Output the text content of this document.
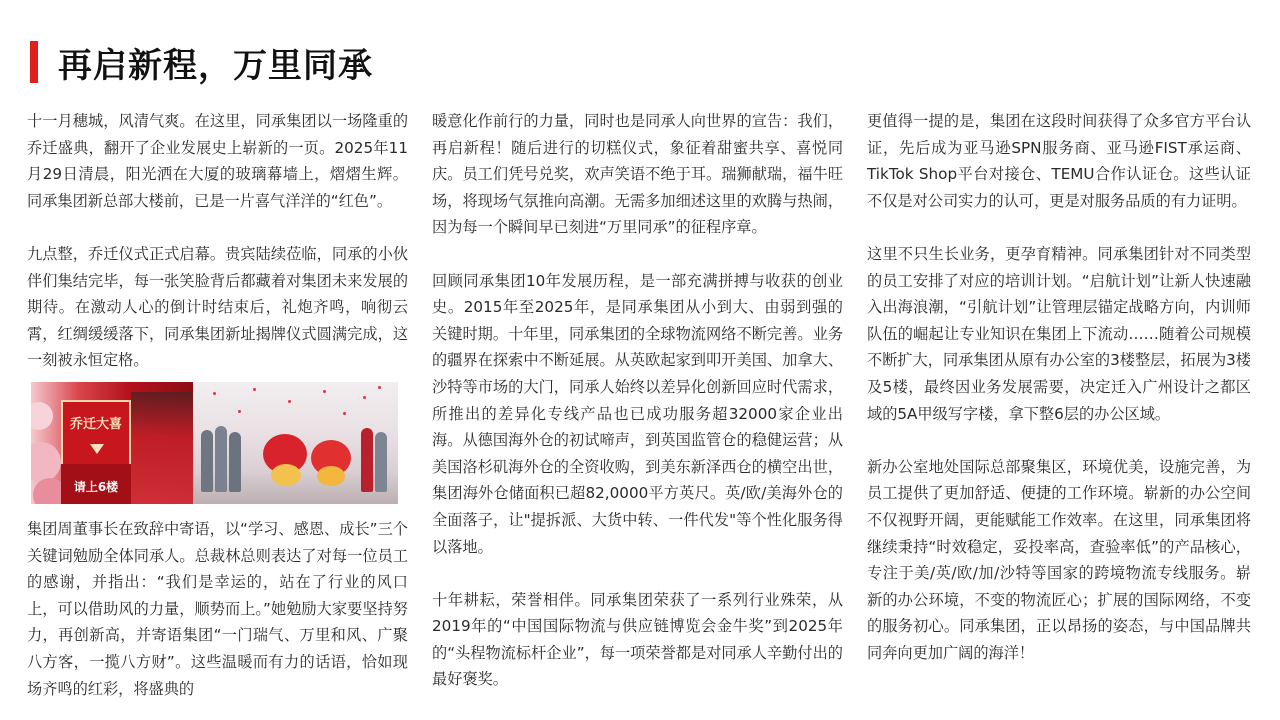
再启新程，万里同承

十一月穗城，风清气爽。在这里，同承集团以一场隆重的乔迁盛典，翻开了企业发展史上崭新的一页。2025年11月29日清晨，阳光洒在大厦的玻璃幕墙上，熠熠生辉。同承集团新总部大楼前，已是一片喜气洋洋的“红色”。

九点整，乔迁仪式正式启幕。贵宾陆续莅临，同承的小伙伴们集结完毕，每一张笑脸背后都藏着对集团未来发展的期待。在激动人心的倒计时结束后，礼炮齐鸣，响彻云霄，红绸缓缓落下，同承集团新址揭牌仪式圆满完成，这一刻被永恒定格。

乔迁大喜
请上6楼

集团周董事长在致辞中寄语，以“学习、感恩、成长”三个关键词勉励全体同承人。总裁林总则表达了对每一位员工的感谢，并指出：“我们是幸运的，站在了行业的风口上，可以借助风的力量，顺势而上。”她勉励大家要坚持努力，再创新高，并寄语集团“一门瑞气、万里和风、广聚八方客，一揽八方财”。这些温暖而有力的话语，恰如现场齐鸣的红彩，将盛典的

暖意化作前行的力量，同时也是同承人向世界的宣告：我们，再启新程！随后进行的切糕仪式，象征着甜蜜共享、喜悦同庆。员工们凭号兑奖，欢声笑语不绝于耳。瑞狮献瑞，福牛旺场，将现场气氛推向高潮。无需多加细述这里的欢腾与热闹，因为每一个瞬间早已刻进“万里同承”的征程序章。

回顾同承集团10年发展历程，是一部充满拼搏与收获的创业史。2015年至2025年，是同承集团从小到大、由弱到强的关键时期。十年里，同承集团的全球物流网络不断完善。业务的疆界在探索中不断延展。从英欧起家到叩开美国、加拿大、沙特等市场的大门，同承人始终以差异化创新回应时代需求，所推出的差异化专线产品也已成功服务超32000家企业出海。从德国海外仓的初试啼声，到英国监管仓的稳健运营；从美国洛杉矶海外仓的全资收购，到美东新泽西仓的横空出世，集团海外仓储面积已超82,0000平方英尺。英/欧/美海外仓的全面落子，让"提拆派、大货中转、一件代发"等个性化服务得以落地。

十年耕耘，荣誉相伴。同承集团荣获了一系列行业殊荣，从2019年的“中国国际物流与供应链博览会金牛奖”到2025年的“头程物流标杆企业”，每一项荣誉都是对同承人辛勤付出的最好褒奖。

更值得一提的是，集团在这段时间获得了众多官方平台认证，先后成为亚马逊SPN服务商、亚马逊FIST承运商、TikTok Shop平台对接仓、TEMU合作认证仓。这些认证不仅是对公司实力的认可，更是对服务品质的有力证明。

这里不只生长业务，更孕育精神。同承集团针对不同类型的员工安排了对应的培训计划。“启航计划”让新人快速融入出海浪潮，“引航计划”让管理层锚定战略方向，内训师队伍的崛起让专业知识在集团上下流动……随着公司规模不断扩大，同承集团从原有办公室的3楼整层，拓展为3楼及5楼，最终因业务发展需要，决定迁入广州设计之都区域的5A甲级写字楼，拿下整6层的办公区域。

新办公室地处国际总部聚集区，环境优美，设施完善，为员工提供了更加舒适、便捷的工作环境。崭新的办公空间不仅视野开阔，更能赋能工作效率。在这里，同承集团将继续秉持“时效稳定，妥投率高，查验率低”的产品核心，专注于美/英/欧/加/沙特等国家的跨境物流专线服务。崭新的办公环境，不变的物流匠心；扩展的国际网络，不变的服务初心。同承集团，正以昂扬的姿态，与中国品牌共同奔向更加广阔的海洋！
